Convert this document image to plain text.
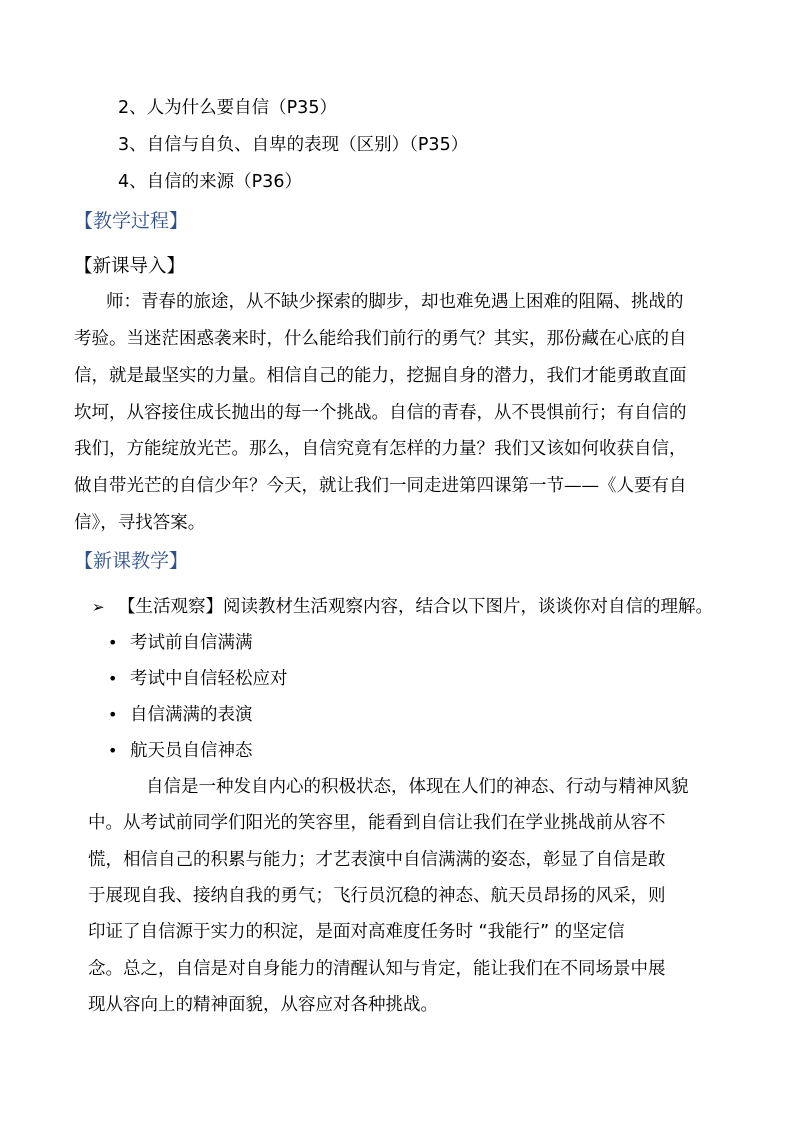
2、人为什么要自信（P35）
3、自信与自负、自卑的表现（区别）（P35）
4、自信的来源（P36）
【教学过程】
【新课导入】
师：青春的旅途，从不缺少探索的脚步，却也难免遇上困难的阻隔、挑战的
考验。当迷茫困惑袭来时，什么能给我们前行的勇气？其实，那份藏在心底的自
信，就是最坚实的力量。相信自己的能力，挖掘自身的潜力，我们才能勇敢直面
坎坷，从容接住成长抛出的每一个挑战。自信的青春，从不畏惧前行；有自信的
我们，方能绽放光芒。那么，自信究竟有怎样的力量？我们又该如何收获自信，
做自带光芒的自信少年？今天，就让我们一同走进第四课第一节——《人要有自
信》，寻找答案。
【新课教学】
➢ 【生活观察】阅读教材生活观察内容，结合以下图片，谈谈你对自信的理解。
• 考试前自信满满
• 考试中自信轻松应对
• 自信满满的表演
• 航天员自信神态
自信是一种发自内心的积极状态，体现在人们的神态、行动与精神风貌
中。从考试前同学们阳光的笑容里，能看到自信让我们在学业挑战前从容不
慌，相信自己的积累与能力；才艺表演中自信满满的姿态，彰显了自信是敢
于展现自我、接纳自我的勇气；飞行员沉稳的神态、航天员昂扬的风采，则
印证了自信源于实力的积淀，是面对高难度任务时 “我能行” 的坚定信
念。总之，自信是对自身能力的清醒认知与肯定，能让我们在不同场景中展
现从容向上的精神面貌，从容应对各种挑战。
